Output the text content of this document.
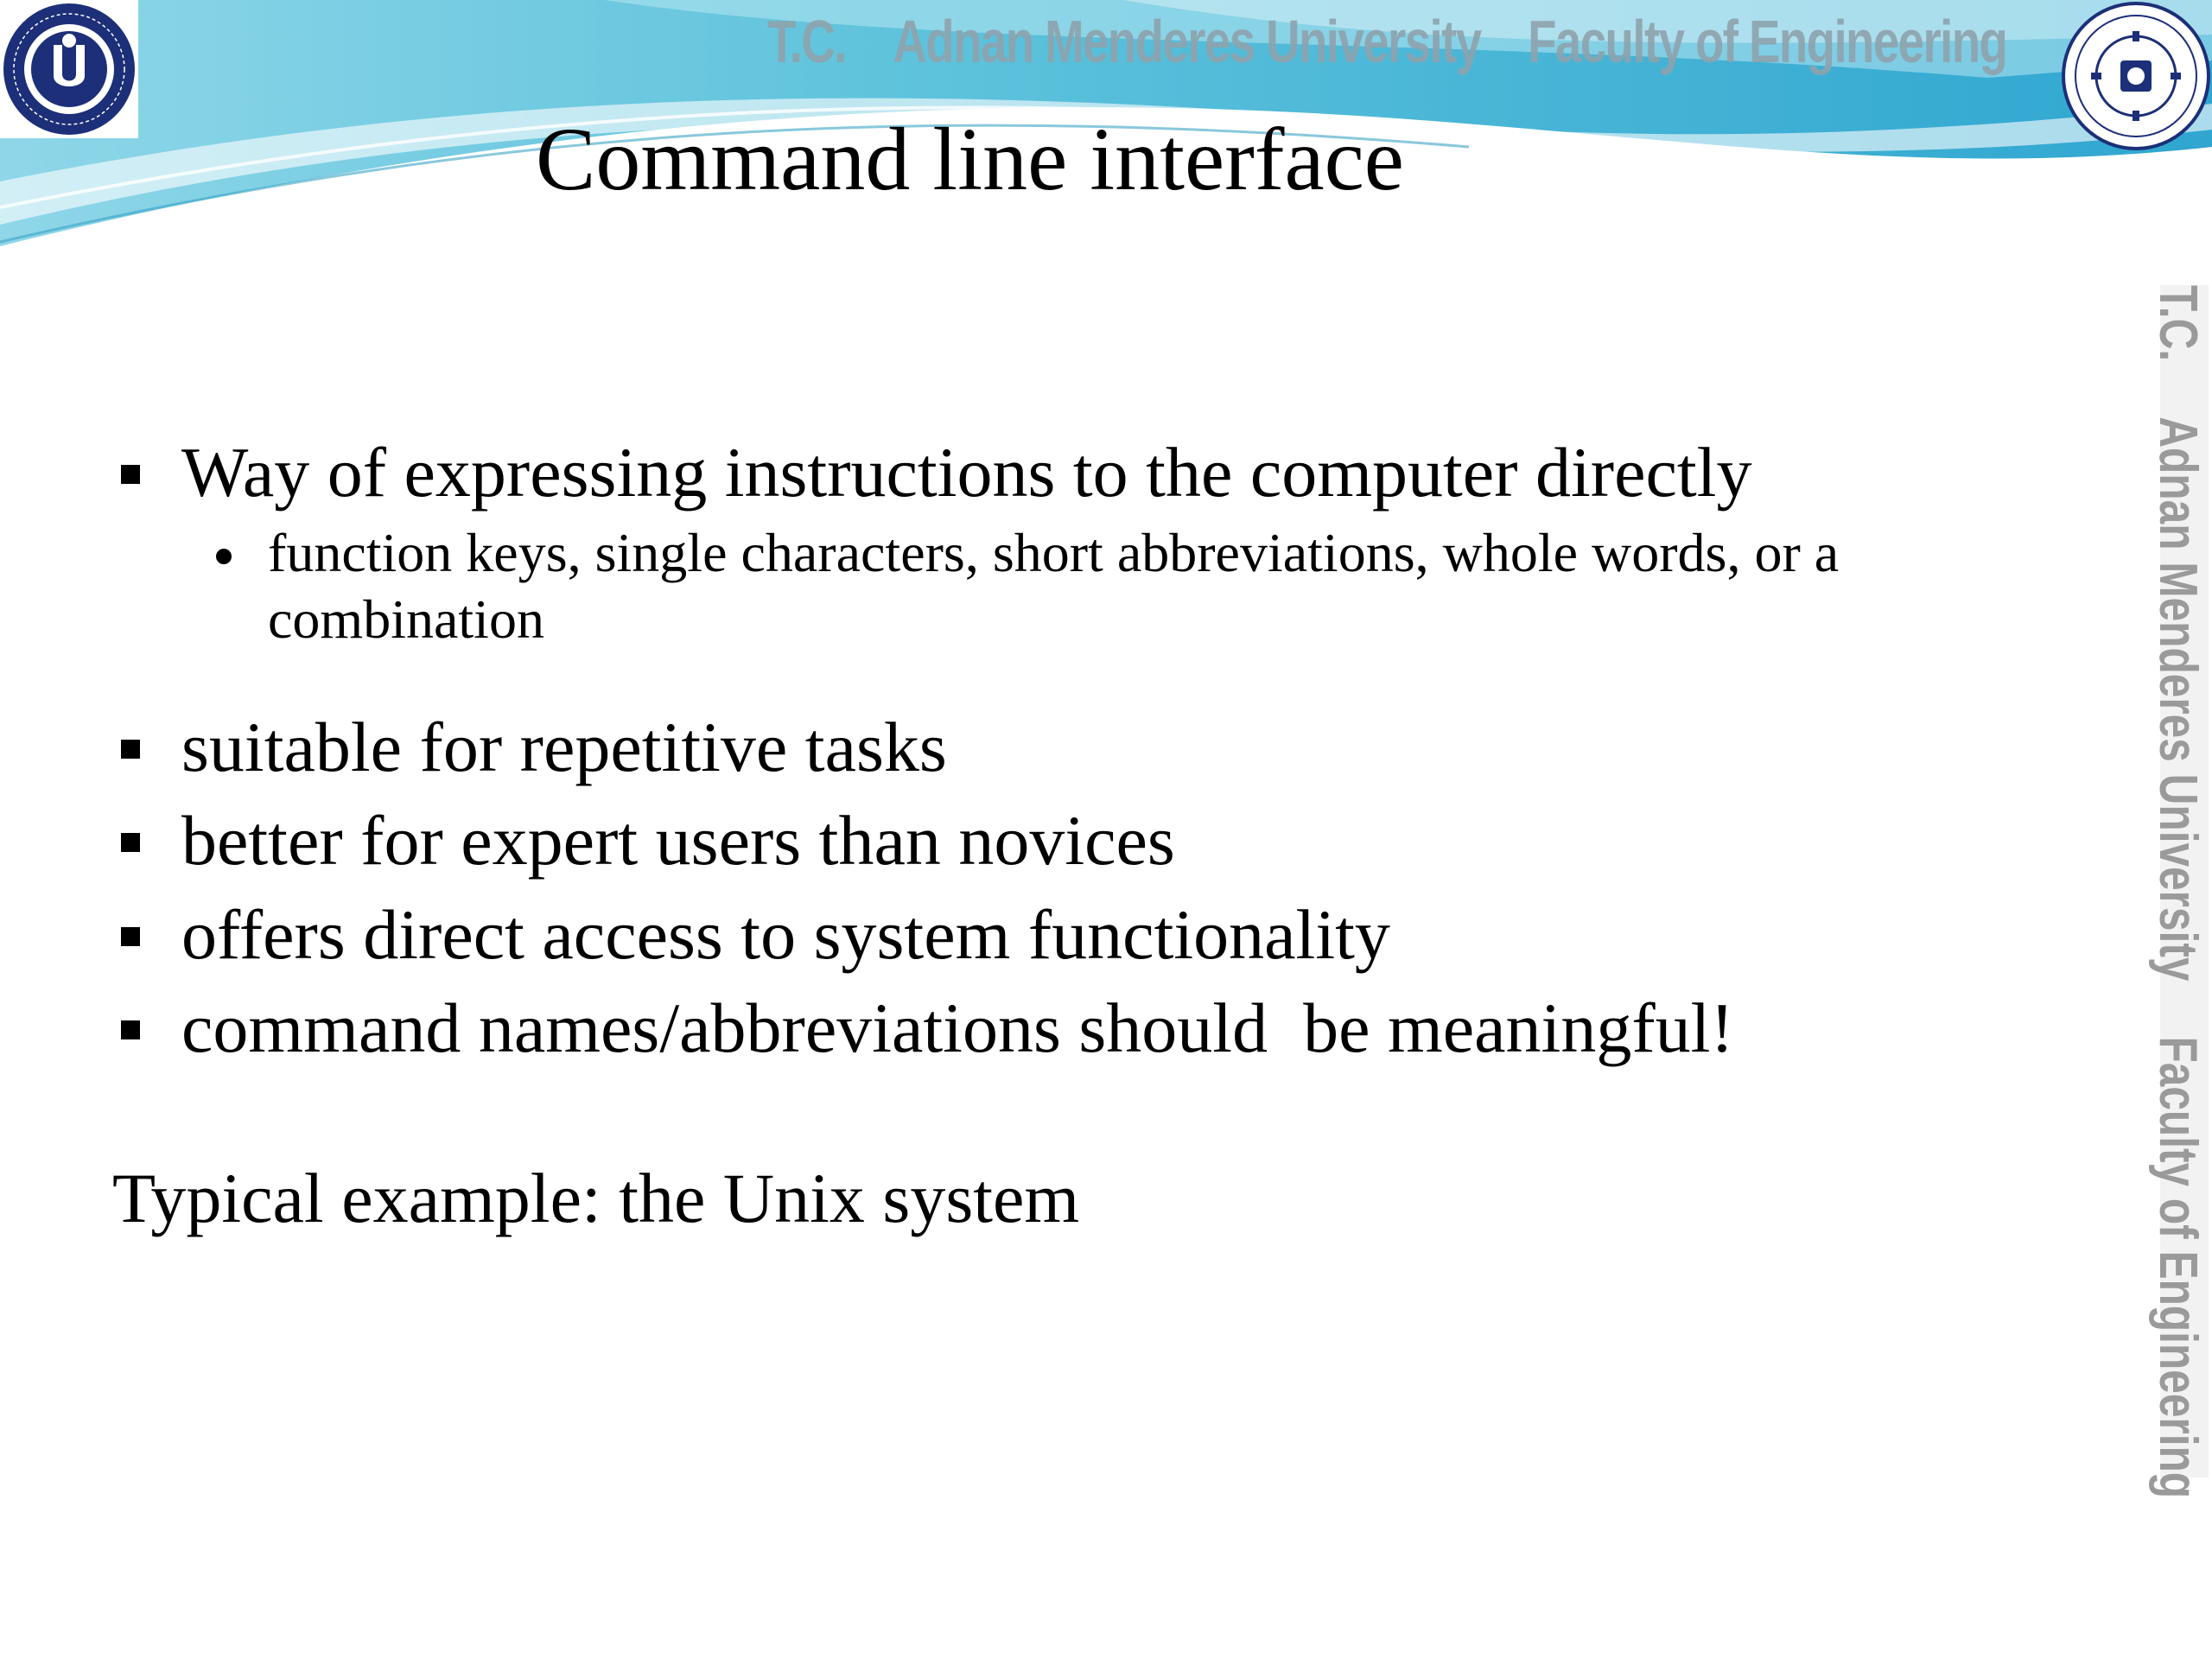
T.C. Adnan Menderes University Faculty of Engineering
T.C.Adnan Menderes UniversityFaculty of Engineering
Command line interface
Way of expressing instructions to the computer directly
function keys, single characters, short abbreviations, whole words, or a combination
suitable for repetitive tasks
better for expert users than novices
offers direct access to system functionality
command names/abbreviations should  be meaningful!
Typical example: the Unix system
